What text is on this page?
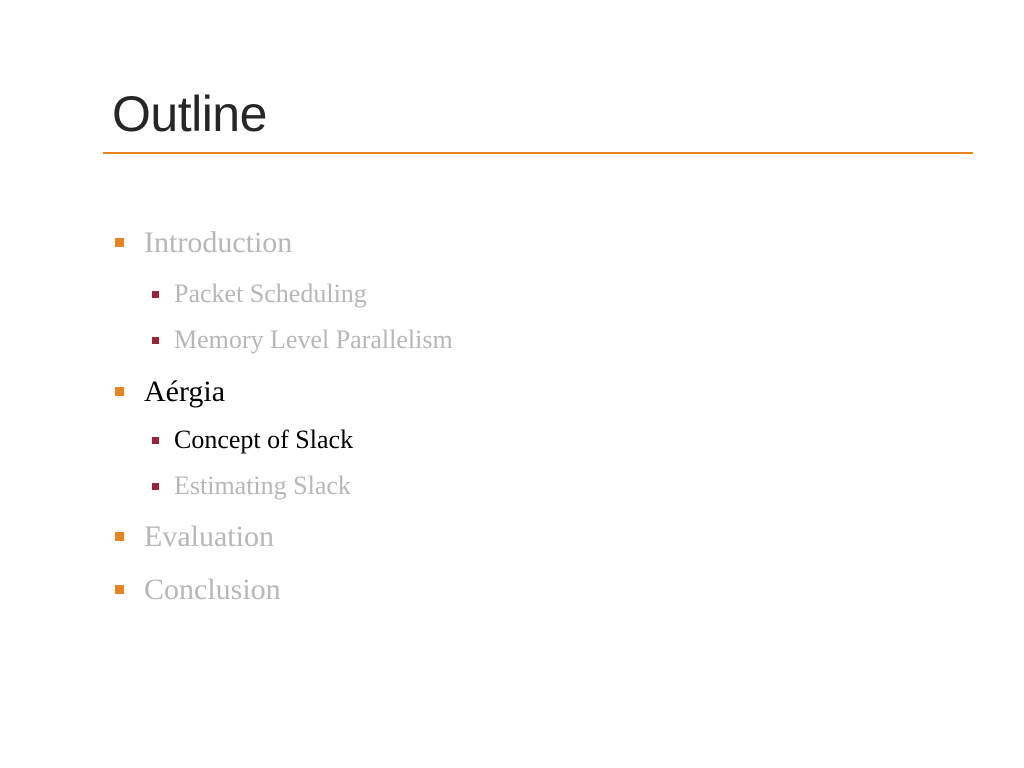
Outline
Introduction
Packet Scheduling
Memory Level Parallelism
Aérgia
Concept of Slack
Estimating Slack
Evaluation
Conclusion
